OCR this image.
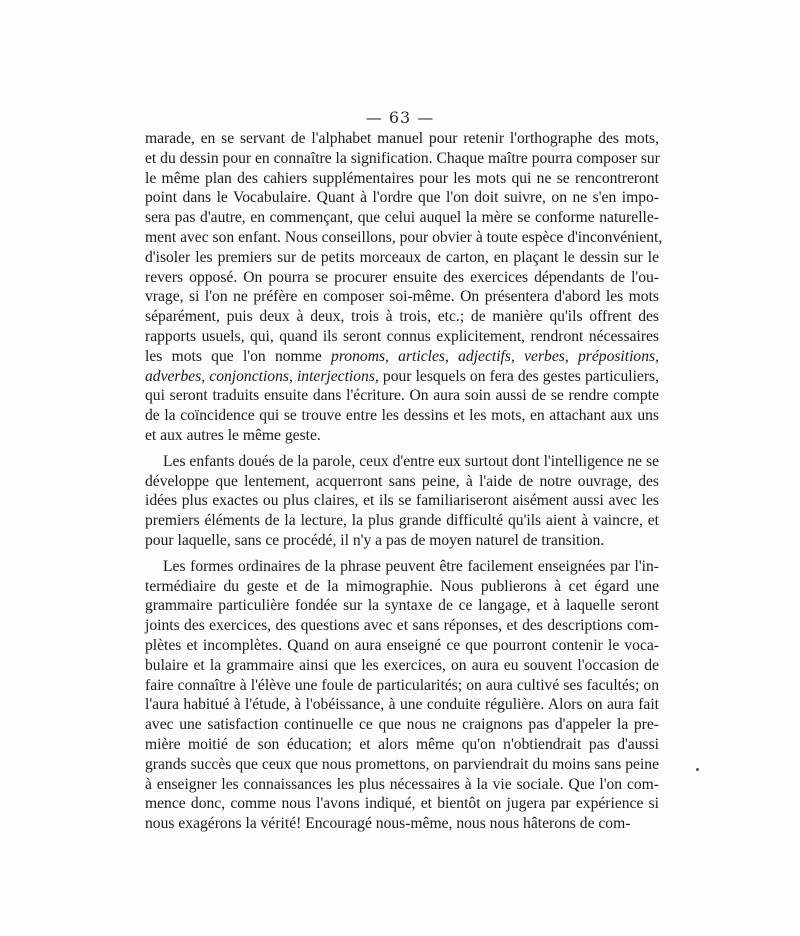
— 63 —
marade, en se servant de l'alphabet manuel pour retenir l'orthographe des mots,
et du dessin pour en connaître la signification. Chaque maître pourra composer sur
le même plan des cahiers supplémentaires pour les mots qui ne se rencontreront
point dans le Vocabulaire. Quant à l'ordre que l'on doit suivre, on ne s'en impo-
sera pas d'autre, en commençant, que celui auquel la mère se conforme naturelle-
ment avec son enfant. Nous conseillons, pour obvier à toute espèce d'inconvénient,
d'isoler les premiers sur de petits morceaux de carton, en plaçant le dessin sur le
revers opposé. On pourra se procurer ensuite des exercices dépendants de l'ou-
vrage, si l'on ne préfère en composer soi-même. On présentera d'abord les mots
séparément, puis deux à deux, trois à trois, etc.; de manière qu'ils offrent des
rapports usuels, qui, quand ils seront connus explicitement, rendront nécessaires
les mots que l'on nomme pronoms, articles, adjectifs, verbes, prépositions,
adverbes, conjonctions, interjections, pour lesquels on fera des gestes particuliers,
qui seront traduits ensuite dans l'écriture. On aura soin aussi de se rendre compte
de la coïncidence qui se trouve entre les dessins et les mots, en attachant aux uns
et aux autres le même geste.
Les enfants doués de la parole, ceux d'entre eux surtout dont l'intelligence ne se
développe que lentement, acquerront sans peine, à l'aide de notre ouvrage, des
idées plus exactes ou plus claires, et ils se familiariseront aisément aussi avec les
premiers éléments de la lecture, la plus grande difficulté qu'ils aient à vaincre, et
pour laquelle, sans ce procédé, il n'y a pas de moyen naturel de transition.
Les formes ordinaires de la phrase peuvent être facilement enseignées par l'in-
termédiaire du geste et de la mimographie. Nous publierons à cet égard une
grammaire particulière fondée sur la syntaxe de ce langage, et à laquelle seront
joints des exercices, des questions avec et sans réponses, et des descriptions com-
plètes et incomplètes. Quand on aura enseigné ce que pourront contenir le voca-
bulaire et la grammaire ainsi que les exercices, on aura eu souvent l'occasion de
faire connaître à l'élève une foule de particularités; on aura cultivé ses facultés; on
l'aura habitué à l'étude, à l'obéissance, à une conduite régulière. Alors on aura fait
avec une satisfaction continuelle ce que nous ne craignons pas d'appeler la pre-
mière moitié de son éducation; et alors même qu'on n'obtiendrait pas d'aussi
grands succès que ceux que nous promettons, on parviendrait du moins sans peine
à enseigner les connaissances les plus nécessaires à la vie sociale. Que l'on com-
mence donc, comme nous l'avons indiqué, et bientôt on jugera par expérience si
nous exagérons la vérité! Encouragé nous-même, nous nous hâterons de com-
